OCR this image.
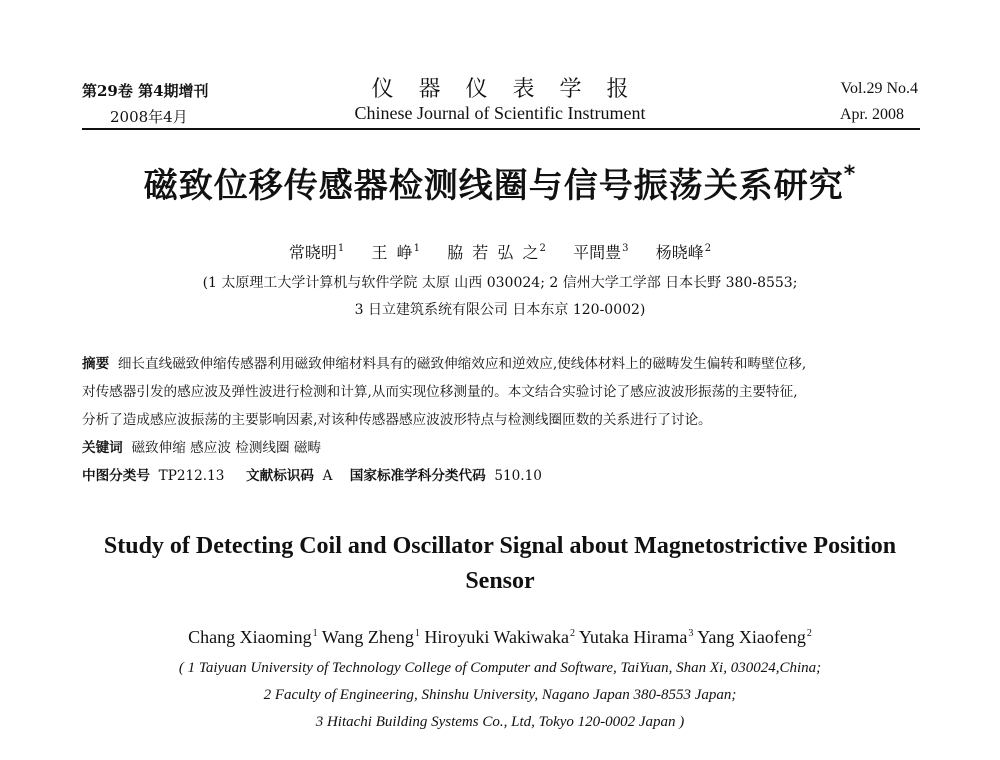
第29卷 第4期增刊
2008年4月
仪 器 仪 表 学 报
Chinese Journal of Scientific Instrument
Vol.29 No.4
Apr. 2008
磁致位移传感器检测线圈与信号振荡关系研究*
常晓明$^1$ 王 峥$^1$ 脇 若 弘 之$^2$ 平間豊$^3$ 杨晓峰$^2$
(1 太原理工大学计算机与软件学院 太原 山西 030024; 2 信州大学工学部 日本长野 380-8553;
3 日立建筑系统有限公司 日本东京 120-0002)
摘要 细长直线磁致伸缩传感器利用磁致伸缩材料具有的磁致伸缩效应和逆效应,使线体材料上的磁畴发生偏转和畴壁位移,
对传感器引发的感应波及弹性波进行检测和计算,从而实现位移测量的。本文结合实验讨论了感应波波形振荡的主要特征,
分析了造成感应波振荡的主要影响因素,对该种传感器感应波波形特点与检测线圈匝数的关系进行了讨论。
关键词 磁致伸缩 感应波 检测线圈 磁畴
中图分类号 TP212.13 文献标识码 A 国家标准学科分类代码 510.10
Study of Detecting Coil and Oscillator Signal about Magnetostrictive Position
Sensor
Chang Xiaoming$^1$ Wang Zheng$^1$ Hiroyuki Wakiwaka$^2$ Yutaka Hirama$^3$ Yang Xiaofeng$^2$
( 1 Taiyuan University of Technology College of Computer and Software, TaiYuan, Shan Xi, 030024,China;
2 Faculty of Engineering, Shinshu University, Nagano Japan 380-8553 Japan;
3 Hitachi Building Systems Co., Ltd, Tokyo 120-0002 Japan )
